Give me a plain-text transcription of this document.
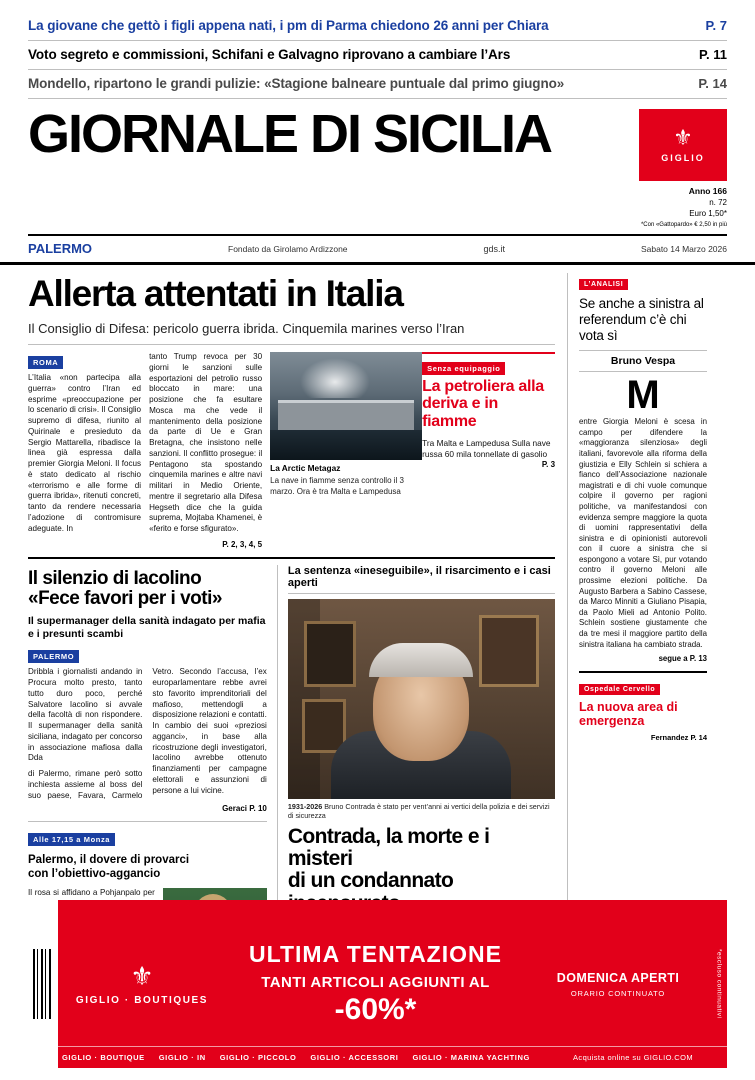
La giovane che gettò i figli appena nati, i pm di Parma chiedono 26 anni per Chiara	P. 7
Voto segreto e commissioni, Schifani e Galvagno riprovano a cambiare l’Ars	P. 11
Mondello, ripartono le grandi pulizie: «Stagione balneare puntuale dal primo giugno»	P. 14
GIORNALE DI SICILIA	⚜
GIGLIO
Anno 166
n. 72
Euro 1,50*
*Con «Gattopardo» € 2,50 in più
PALERMO	Fondato da Girolamo Ardizzone	gds.it	Sabato 14 Marzo 2026
Allerta attentati in Italia
Il Consiglio di Difesa: pericolo guerra ibrida. Cinquemila marines verso l’Iran
ROMA

L’Italia «non partecipa alla guerra» contro l’Iran ed esprime «preoccupazione per lo scenario di crisi». Il Consiglio supremo di difesa, riunito al Quirinale e presieduto da Sergio Mattarella, ribadisce la linea già espressa dalla premier Giorgia Meloni. Il focus è stato dedicato al rischio «terrorismo e alle forme di guerra ibrida», ritenuti concreti, tanto da rendere necessaria l’adozione di contromisure adeguate. In

tanto Trump revoca per 30 giorni le sanzioni sulle esportazioni del petrolio russo bloccato in mare: una posizione che fa esultare Mosca ma che vede il mantenimento della posizione da parte di Ue e Gran Bretagna, che insistono nelle sanzioni. Il conflitto prosegue: il Pentagono sta spostando cinquemila marines e altre navi militari in Medio Oriente, mentre il segretario alla Difesa Hegseth dice che la guida suprema, Mojtaba Khamenei, è «ferito e forse sfigurato».

P. 2, 3, 4, 5
La Arctic Metagaz
La nave in fiamme senza controllo il 3 marzo. Ora è tra Malta e Lampedusa
Senza equipaggio
La petroliera alla deriva e in fiamme
Tra Malta e Lampedusa Sulla nave russa 60 mila tonnellate di gasolio
P. 3
Il silenzio di Iacolino
«Fece favori per i voti»
Il supermanager della sanità indagato per mafia e i presunti scambi
PALERMO

Dribbla i giornalisti andando in Procura molto presto, tanto tutto duro poco, perché Salvatore Iacolino si avvale della facoltà di non rispondere. Il supermanager della sanità siciliana, indagato per concorso in associazione mafiosa dalla Dda

di Palermo, rimane però sotto inchiesta assieme al boss del suo paese, Favara, Carmelo Vetro. Secondo l’accusa, l’ex europarlamentare rebbe avrei sto favorito imprenditoriali del mafioso, mettendogli a disposizione relazioni e contatti. In cambio dei suoi «preziosi agganci», in base alla ricostruzione degli investigatori, Iacolino avrebbe ottenuto finanziamenti per campagne elettorali e assunzioni di persone a lui vicine.

Geraci P. 10
Alle 17,15 a Monza
Palermo, il dovere di provarci
con l’obiettivo-aggancio

Il rosa si affidano a Pohjanpalo per

La sentenza «ineseguibile», il risarcimento e i casi aperti
1931-2026 Bruno Contrada è stato per vent’anni ai vertici della polizia e dei servizi di sicurezza
Contrada, la morte e i misteri
di un condannato
L’ANALISI
Se anche a sinistra al referendum c’è chi vota sì
Bruno Vespa
M
entre Giorgia Meloni è scesa in campo per difendere la «maggioranza silenziosa» degli italiani, favorevole alla riforma della giustizia e Elly Schlein si schiera a fianco dell’Associazione nazionale magistrati e di chi vuole comunque colpire il governo per ragioni politiche, va manifestandosi con evidenza sempre maggiore la quota di uomini rappresentativi della sinistra e di opinionisti autorevoli con il cuore a sinistra che si espongono a votare Sì, pur votando contro il governo Meloni alle prossime elezioni politiche. Da Augusto Barbera a Sabino Cassese, da Marco Minniti a Giuliano Pisapia, da Paolo Mieli ad Antonio Polito. Schlein sostiene giustamente che da tre mesi il maggiore partito della sinistra italiana ha cambiato strada.
segue a P. 13
Ospedale Cervello
La nuova area di emergenza
Fernandez P. 14
⚜
GIGLIO · BOUTIQUES
ULTIMA TENTAZIONE
TANTI ARTICOLI AGGIUNTI AL
-60%*
DOMENICA APERTI
ORARIO CONTINUATO	*escluso continuativi
GIGLIO · BOUTIQUE GIGLIO · IN GIGLIO · PICCOLO GIGLIO · ACCESSORI GIGLIO · MARINA YACHTING	Acquista online su GIGLIO.COM
